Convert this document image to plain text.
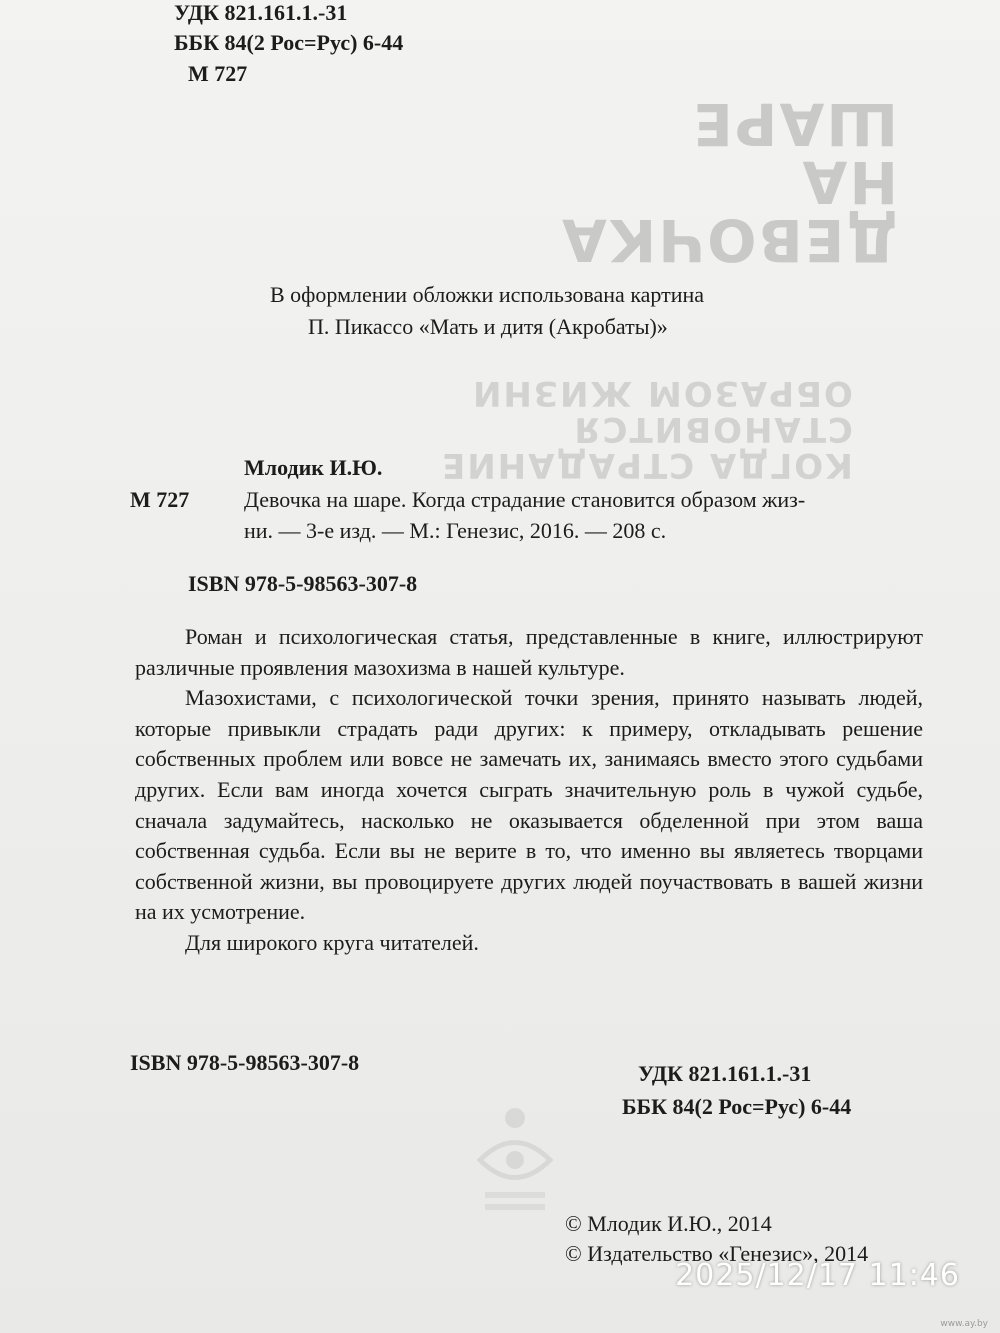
ДЕВОЧКА
НА
ШАРЕ
КОГДА СТРАДАНИЕ
СТАНОВИТСЯ
ОБРАЗОМ ЖИЗНИ
УДК 821.161.1.-31
ББК 84(2 Рос=Рус) 6-44
М 727
В оформлении обложки использована картина
П. Пикассо «Мать и дитя (Акробаты)»
Млодик И.Ю.
М 727 Девочка на шаре. Когда страдание становится образом жиз-
ни. — 3-е изд. — М.: Генезис, 2016. — 208 с.
ISBN 978-5-98563-307-8

Роман и психологическая статья, представленные в книге, иллюстрируют различные проявления мазохизма в нашей культуре.

Мазохистами, с психологической точки зрения, принято называть людей, которые привыкли страдать ради других: к примеру, откладывать решение собственных проблем или вовсе не замечать их, занимаясь вместо этого судьбами других. Если вам иногда хочется сыграть значительную роль в чужой судьбе, сначала задумайтесь, насколько не оказывается обделенной при этом ваша собственная судьба. Если вы не верите в то, что именно вы являетесь творцами собственной жизни, вы провоцируете других людей поучаствовать в вашей жизни на их усмотрение.

Для широкого круга читателей.

ISBN 978-5-98563-307-8	УДК 821.161.1.-31
ББК 84(2 Рос=Рус) 6-44
© Млодик И.Ю., 2014
© Издательство «Генезис», 2014
2025/12/17 11:46
www.ay.by
